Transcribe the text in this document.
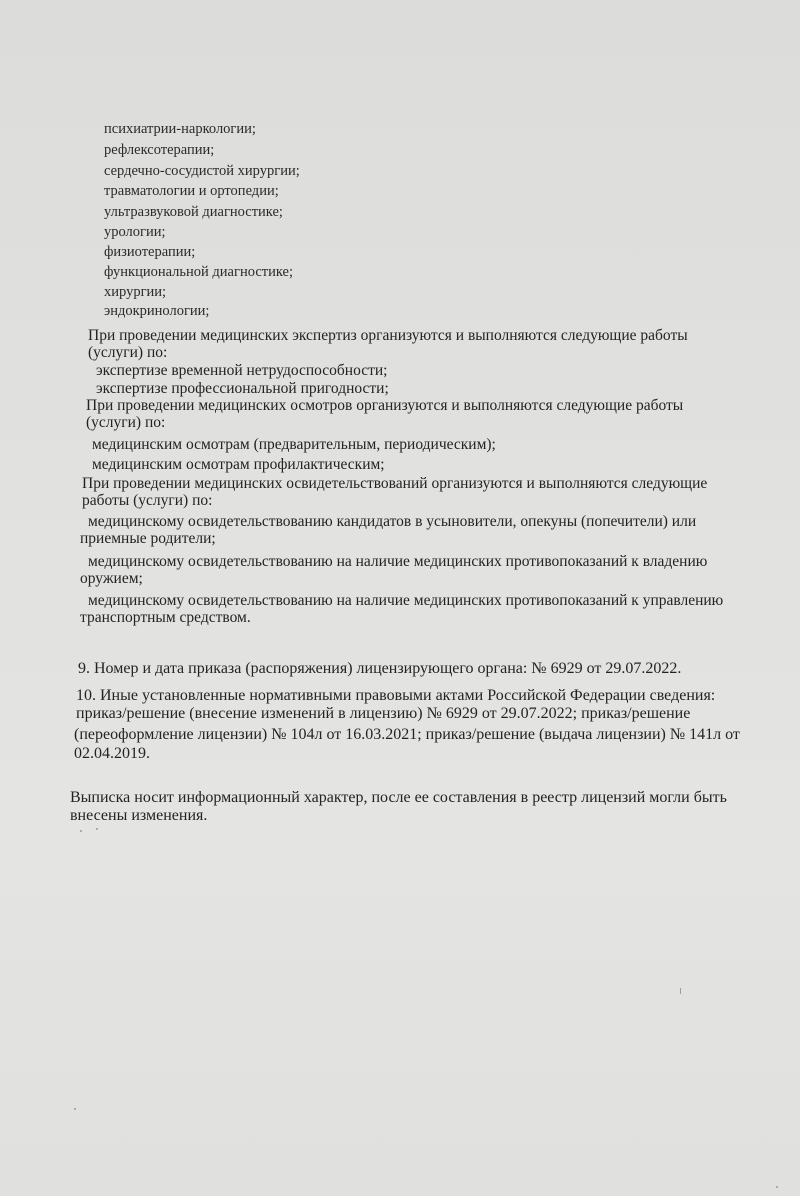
психиатрии-наркологии;
рефлексотерапии;
сердечно-сосудистой хирургии;
травматологии и ортопедии;
ультразвуковой диагностике;
урологии;
физиотерапии;
функциональной диагностике;
хирургии;
эндокринологии;
При проведении медицинских экспертиз организуются и выполняются следующие работы
(услуги) по:
экспертизе временной нетрудоспособности;
экспертизе профессиональной пригодности;
При проведении медицинских осмотров организуются и выполняются следующие работы
(услуги) по:
медицинским осмотрам (предварительным, периодическим);
медицинским осмотрам профилактическим;
При проведении медицинских освидетельствований организуются и выполняются следующие
работы (услуги) по:
медицинскому освидетельствованию кандидатов в усыновители, опекуны (попечители) или
приемные родители;
медицинскому освидетельствованию на наличие медицинских противопоказаний к владению
оружием;
медицинскому освидетельствованию на наличие медицинских противопоказаний к управлению
транспортным средством.
9. Номер и дата приказа (распоряжения) лицензирующего органа: № 6929 от 29.07.2022.
10. Иные установленные нормативными правовыми актами Российской Федерации сведения:
приказ/решение (внесение изменений в лицензию) № 6929 от 29.07.2022; приказ/решение
(переоформление лицензии) № 104л от 16.03.2021; приказ/решение (выдача лицензии) № 141л от
02.04.2019.
Выписка носит информационный характер, после ее составления в реестр лицензий могли быть
внесены изменения.
